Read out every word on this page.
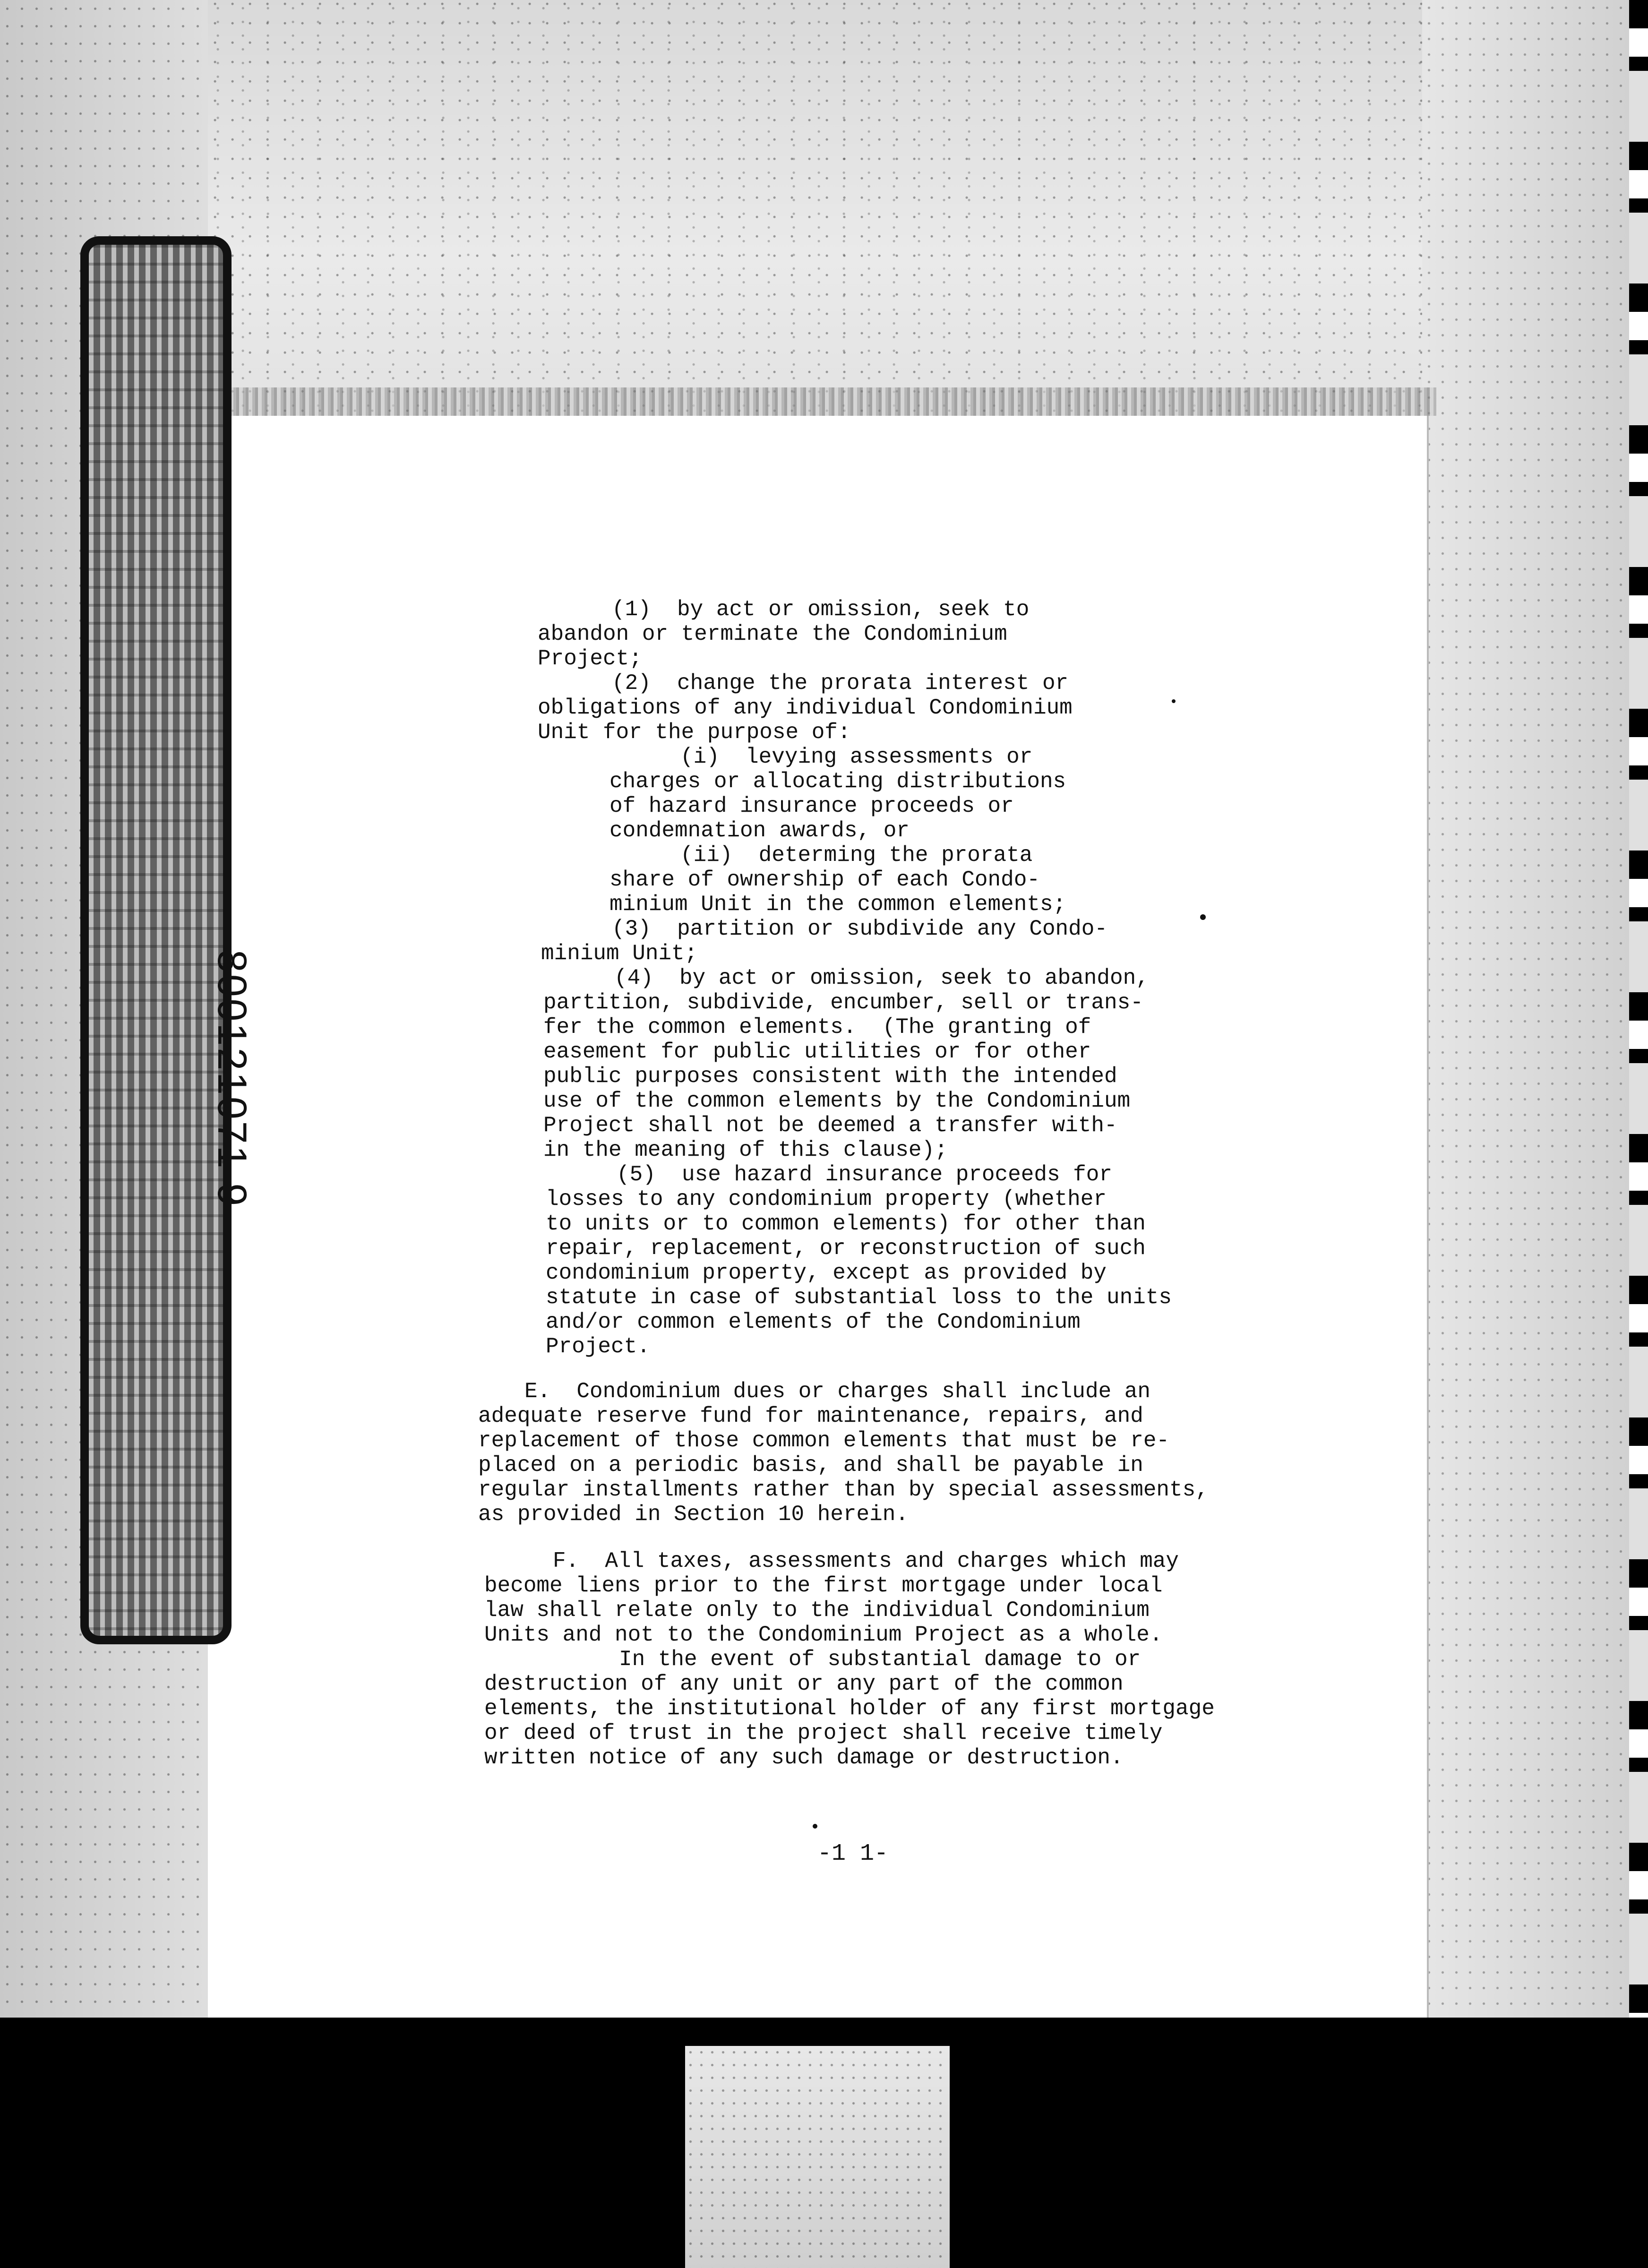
800121071 9
(1)  by act or omission, seek to
abandon or terminate the Condominium
Project;
(2)  change the prorata interest or
obligations of any individual Condominium
Unit for the purpose of:
(i)  levying assessments or
charges or allocating distributions
of hazard insurance proceeds or
condemnation awards, or
(ii)  determing the prorata
share of ownership of each Condo-
minium Unit in the common elements;
(3)  partition or subdivide any Condo-
minium Unit;
(4)  by act or omission, seek to abandon,
partition, subdivide, encumber, sell or trans-
fer the common elements.  (The granting of
easement for public utilities or for other
public purposes consistent with the intended
use of the common elements by the Condominium
Project shall not be deemed a transfer with-
in the meaning of this clause);
(5)  use hazard insurance proceeds for
losses to any condominium property (whether
to units or to common elements) for other than
repair, replacement, or reconstruction of such
condominium property, except as provided by
statute in case of substantial loss to the units
and/or common elements of the Condominium
Project.
E.  Condominium dues or charges shall include an
adequate reserve fund for maintenance, repairs, and
replacement of those common elements that must be re-
placed on a periodic basis, and shall be payable in
regular installments rather than by special assessments,
as provided in Section 10 herein.
F.  All taxes, assessments and charges which may
become liens prior to the first mortgage under local
law shall relate only to the individual Condominium
Units and not to the Condominium Project as a whole.
In the event of substantial damage to or
destruction of any unit or any part of the common
elements, the institutional holder of any first mortgage
or deed of trust in the project shall receive timely
written notice of any such damage or destruction.
-1 1-
